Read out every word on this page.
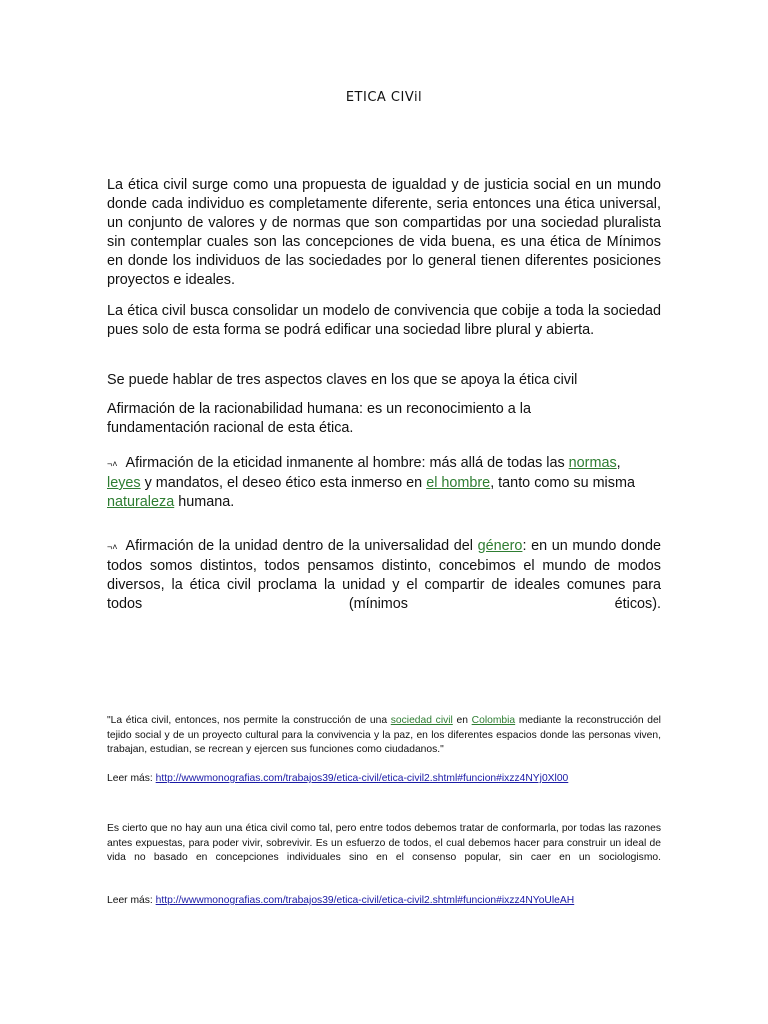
ETICA CIVil

La ética civil surge como una propuesta de igualdad y de justicia social en un mundo donde cada individuo es completamente diferente, seria entonces una ética universal, un conjunto de valores y de normas que son compartidas por una sociedad pluralista sin contemplar cuales son las concepciones de vida buena, es una ética de Mínimos en donde los individuos de las sociedades por lo general tienen diferentes posiciones proyectos e ideales.

La ética civil busca consolidar un modelo de convivencia que cobije a toda la sociedad pues solo de esta forma se podrá edificar una sociedad libre plural y abierta.

Se puede hablar de tres aspectos claves en los que se apoya la ética civil

Afirmación de la racionabilidad humana: es un reconocimiento a la fundamentación racional de esta ética.

¬˄ Afirmación de la eticidad inmanente al hombre: más allá de todas las normas, leyes y mandatos, el deseo ético esta inmerso en el hombre, tanto como su misma naturaleza humana.

¬˄ Afirmación de la unidad dentro de la universalidad del género: en un mundo donde todos somos distintos, todos pensamos distinto, concebimos el mundo de modos diversos, la ética civil proclama la unidad y el compartir de ideales comunes para todos (mínimos éticos).

"La ética civil, entonces, nos permite la construcción de una sociedad civil en Colombia mediante la reconstrucción del tejido social y de un proyecto cultural para la convivencia y la paz, en los diferentes espacios donde las personas viven, trabajan, estudian, se recrean y ejercen sus funciones como ciudadanos."

Leer más: http://wwwmonografias.com/trabajos39/etica-civil/etica-civil2.shtml#funcion#ixzz4NYj0Xl00

Es cierto que no hay aun una ética civil como tal, pero entre todos debemos tratar de conformarla, por todas las razones antes expuestas, para poder vivir, sobrevivir. Es un esfuerzo de todos, el cual debemos hacer para construir un ideal de vida no basado en concepciones individuales sino en el consenso popular, sin caer en un sociologismo.

Leer más: http://wwwmonografias.com/trabajos39/etica-civil/etica-civil2.shtml#funcion#ixzz4NYoUleAH
